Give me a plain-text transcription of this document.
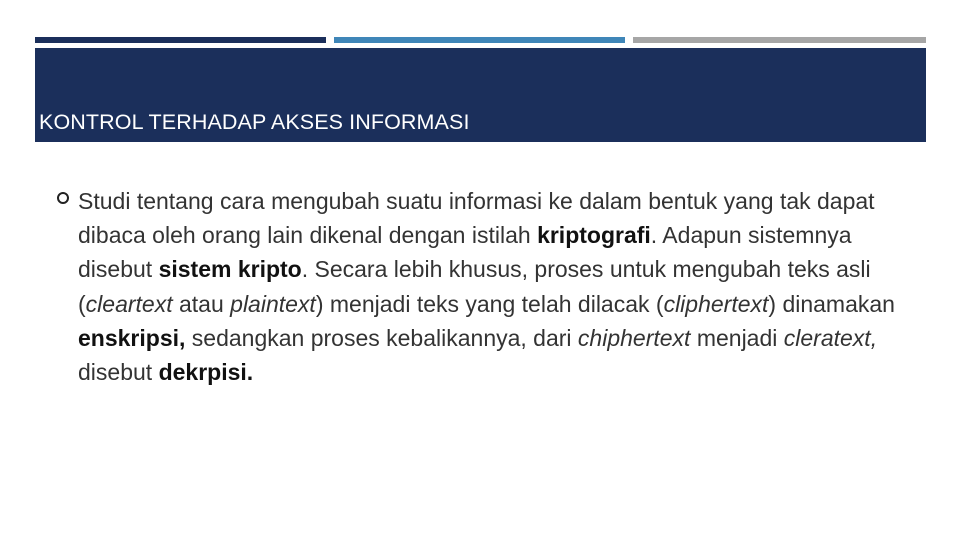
KONTROL TERHADAP AKSES INFORMASI

Studi tentang cara mengubah suatu informasi ke dalam bentuk yang tak dapat dibaca oleh orang lain dikenal dengan istilah kriptografi. Adapun sistemnya disebut sistem kripto. Secara lebih khusus, proses untuk mengubah teks asli (cleartext atau plaintext) menjadi teks yang telah dilacak (cliphertext) dinamakan enskripsi, sedangkan proses kebalikannya, dari chiphertext menjadi cleratext, disebut dekrpisi.
